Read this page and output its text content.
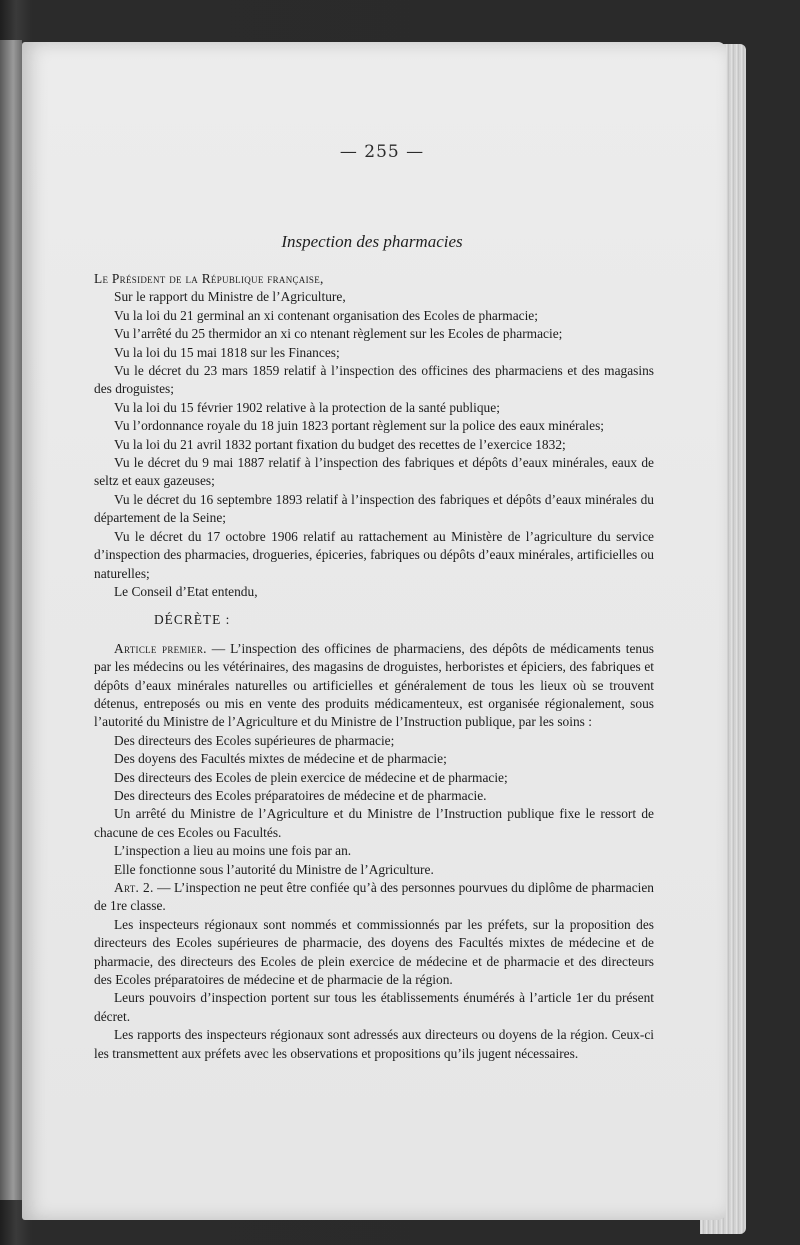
— 255 —
Inspection des pharmacies

Le Président de la République française,

Sur le rapport du Ministre de l’Agriculture,

Vu la loi du 21 germinal an xi contenant organisation des Ecoles de pharmacie;

Vu l’arrêté du 25 thermidor an xi co ntenant règlement sur les Ecoles de pharmacie;

Vu la loi du 15 mai 1818 sur les Finances;

Vu le décret du 23 mars 1859 relatif à l’inspection des officines des pharmaciens et des magasins des droguistes;

Vu la loi du 15 février 1902 relative à la protection de la santé publique;

Vu l’ordonnance royale du 18 juin 1823 portant règlement sur la police des eaux minérales;

Vu la loi du 21 avril 1832 portant fixation du budget des recettes de l’exercice 1832;

Vu le décret du 9 mai 1887 relatif à l’inspection des fabriques et dépôts d’eaux minérales, eaux de seltz et eaux gazeuses;

Vu le décret du 16 septembre 1893 relatif à l’inspection des fabriques et dépôts d’eaux minérales du département de la Seine;

Vu le décret du 17 octobre 1906 relatif au rattachement au Ministère de l’agriculture du service d’inspection des pharmacies, drogueries, épiceries, fabriques ou dépôts d’eaux minérales, artificielles ou naturelles;

Le Conseil d’Etat entendu,

DÉCRÈTE :

Article premier. — L’inspection des officines de pharmaciens, des dépôts de médicaments tenus par les médecins ou les vétérinaires, des magasins de droguistes, herboristes et épiciers, des fabriques et dépôts d’eaux minérales naturelles ou artificielles et généralement de tous les lieux où se trouvent détenus, entreposés ou mis en vente des produits médicamenteux, est organisée régionalement, sous l’autorité du Ministre de l’Agriculture et du Ministre de l’Instruction publique, par les soins :

Des directeurs des Ecoles supérieures de pharmacie;

Des doyens des Facultés mixtes de médecine et de pharmacie;

Des directeurs des Ecoles de plein exercice de médecine et de pharmacie;

Des directeurs des Ecoles préparatoires de médecine et de pharmacie.

Un arrêté du Ministre de l’Agriculture et du Ministre de l’Instruction publique fixe le ressort de chacune de ces Ecoles ou Facultés.

L’inspection a lieu au moins une fois par an.

Elle fonctionne sous l’autorité du Ministre de l’Agriculture.

Art. 2. — L’inspection ne peut être confiée qu’à des personnes pourvues du diplôme de pharmacien de 1re classe.

Les inspecteurs régionaux sont nommés et commissionnés par les préfets, sur la proposition des directeurs des Ecoles supérieures de pharmacie, des doyens des Facultés mixtes de médecine et de pharmacie, des directeurs des Ecoles de plein exercice de médecine et de pharmacie et des directeurs des Ecoles préparatoires de médecine et de pharmacie de la région.

Leurs pouvoirs d’inspection portent sur tous les établissements énumérés à l’article 1er du présent décret.

Les rapports des inspecteurs régionaux sont adressés aux directeurs ou doyens de la région. Ceux-ci les transmettent aux préfets avec les observations et propositions qu’ils jugent nécessaires.
